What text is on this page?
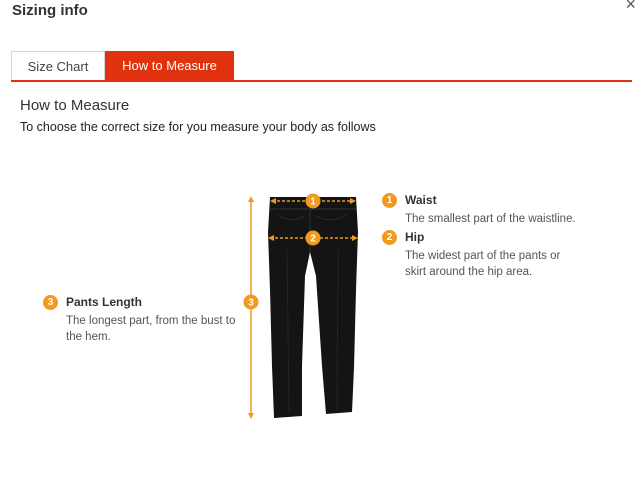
Sizing info	×
Size Chart	How to Measure
How to Measure
To choose the correct size for you measure your body as follows
1
2
3
1	Waist
The smallest part of the waistline.
2	Hip
The widest part of the pants or skirt around the hip area.
3	Pants Length
The longest part, from the bust to the hem.
